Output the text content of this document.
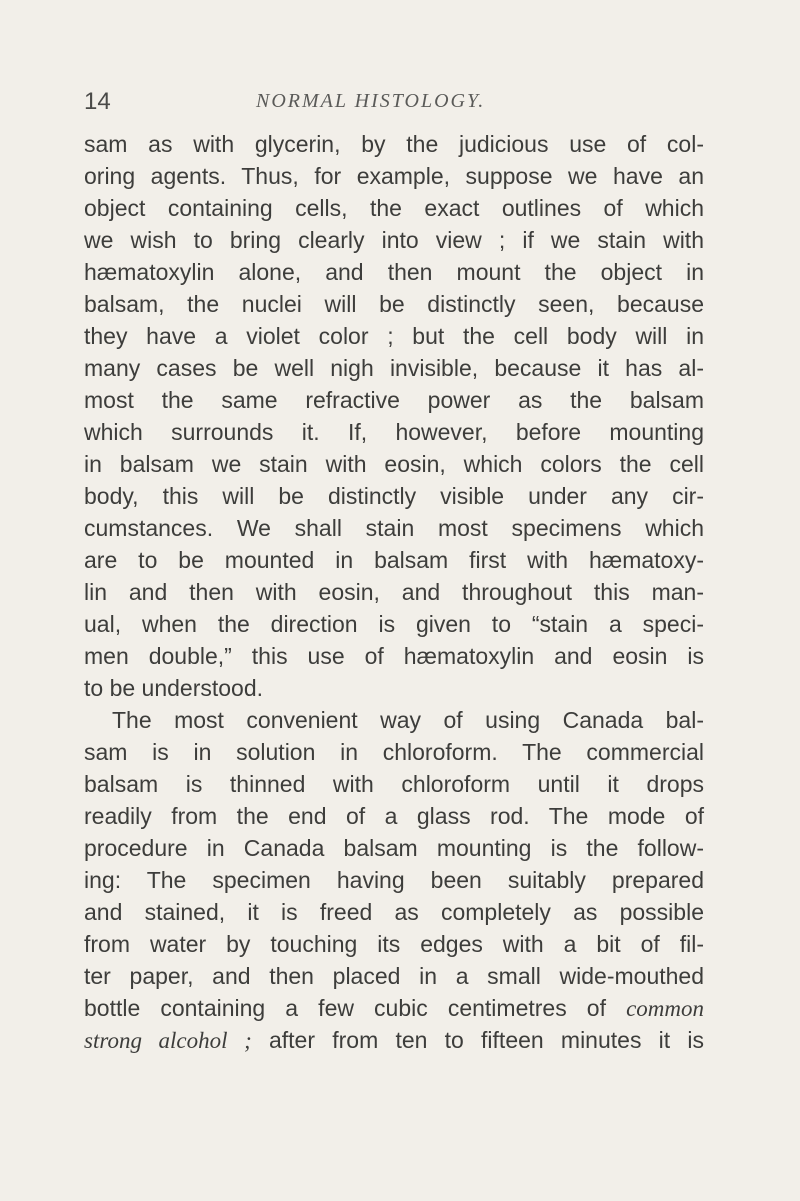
14	NORMAL HISTOLOGY.
sam as with glycerin, by the judicious use of col-
oring agents. Thus, for example, suppose we have an
object containing cells, the exact outlines of which
we wish to bring clearly into view ; if we stain with
hæmatoxylin alone, and then mount the object in
balsam, the nuclei will be distinctly seen, because
they have a violet color ; but the cell body will in
many cases be well nigh invisible, because it has al-
most the same refractive power as the balsam
which surrounds it. If, however, before mounting
in balsam we stain with eosin, which colors the cell
body, this will be distinctly visible under any cir-
cumstances. We shall stain most specimens which
are to be mounted in balsam first with hæmatoxy-
lin and then with eosin, and throughout this man-
ual, when the direction is given to “stain a speci-
men double,” this use of hæmatoxylin and eosin is
to be understood.
The most convenient way of using Canada bal-
sam is in solution in chloroform. The commercial
balsam is thinned with chloroform until it drops
readily from the end of a glass rod. The mode of
procedure in Canada balsam mounting is the follow-
ing: The specimen having been suitably prepared
and stained, it is freed as completely as possible
from water by touching its edges with a bit of fil-
ter paper, and then placed in a small wide-mouthed
bottle containing a few cubic centimetres of common
strong alcohol ; after from ten to fifteen minutes it is
